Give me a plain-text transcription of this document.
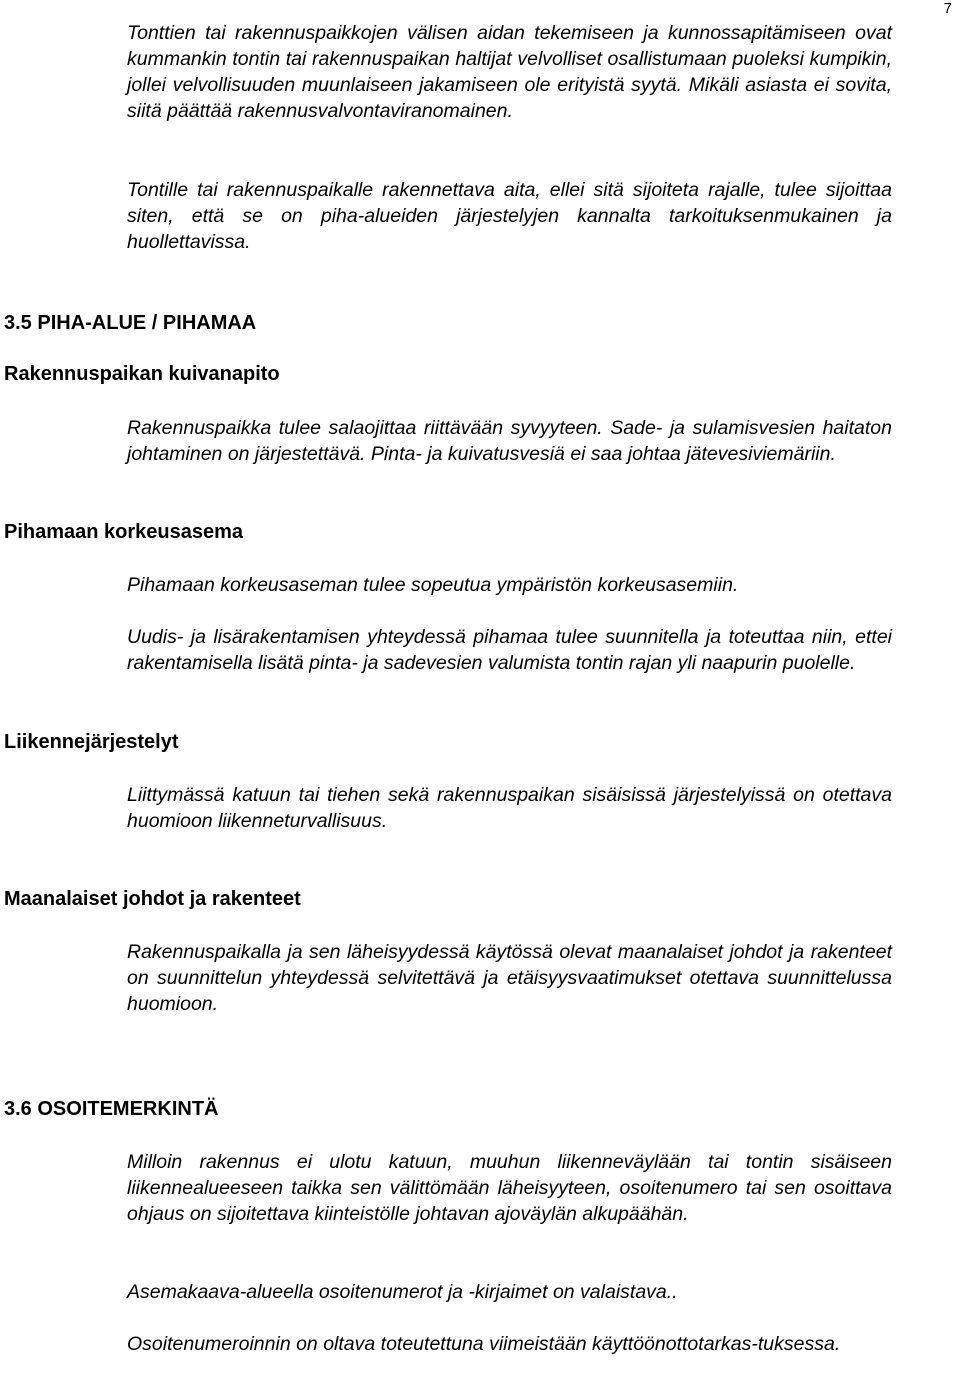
7

Tonttien tai rakennuspaikkojen välisen aidan tekemiseen ja kunnossapitämiseen ovat kummankin tontin tai rakennuspaikan haltijat velvolliset osallistumaan puoleksi kumpikin, jollei velvollisuuden muunlaiseen jakamiseen ole erityistä syytä. Mikäli asiasta ei sovita, siitä päättää rakennusvalvontaviranomainen.

Tontille tai rakennuspaikalle rakennettava aita, ellei sitä sijoiteta rajalle, tulee sijoittaa siten, että se on piha-alueiden järjestelyjen kannalta tarkoituksenmukainen ja huollettavissa.

3.5 PIHA-ALUE / PIHAMAA
Rakennuspaikan kuivanapito

Rakennuspaikka tulee salaojittaa riittävään syvyyteen. Sade- ja sulamisvesien haitaton johtaminen on järjestettävä. Pinta- ja kuivatusvesiä ei saa johtaa jätevesiviemäriin.

Pihamaan korkeusasema

Pihamaan korkeusaseman tulee sopeutua ympäristön korkeusasemiin.

Uudis- ja lisärakentamisen yhteydessä pihamaa tulee suunnitella ja toteuttaa niin, ettei rakentamisella lisätä pinta- ja sadevesien valumista tontin rajan yli naapurin puolelle.

Liikennejärjestelyt

Liittymässä katuun tai tiehen sekä rakennuspaikan sisäisissä järjestelyissä on otettava huomioon liikenneturvallisuus.

Maanalaiset johdot ja rakenteet

Rakennuspaikalla ja sen läheisyydessä käytössä olevat maanalaiset johdot ja rakenteet on suunnittelun yhteydessä selvitettävä ja etäisyysvaatimukset otettava suunnittelussa huomioon.

3.6 OSOITEMERKINTÄ

Milloin rakennus ei ulotu katuun, muuhun liikenneväylään tai tontin sisäiseen liikennealueeseen taikka sen välittömään läheisyyteen, osoitenumero tai sen osoittava ohjaus on sijoitettava kiinteistölle johtavan ajoväylän alkupäähän.

Asemakaava-alueella osoitenumerot ja -kirjaimet on valaistava..

Osoitenumeroinnin on oltava toteutettuna viimeistään käyttöönottotarkas-tuksessa.
